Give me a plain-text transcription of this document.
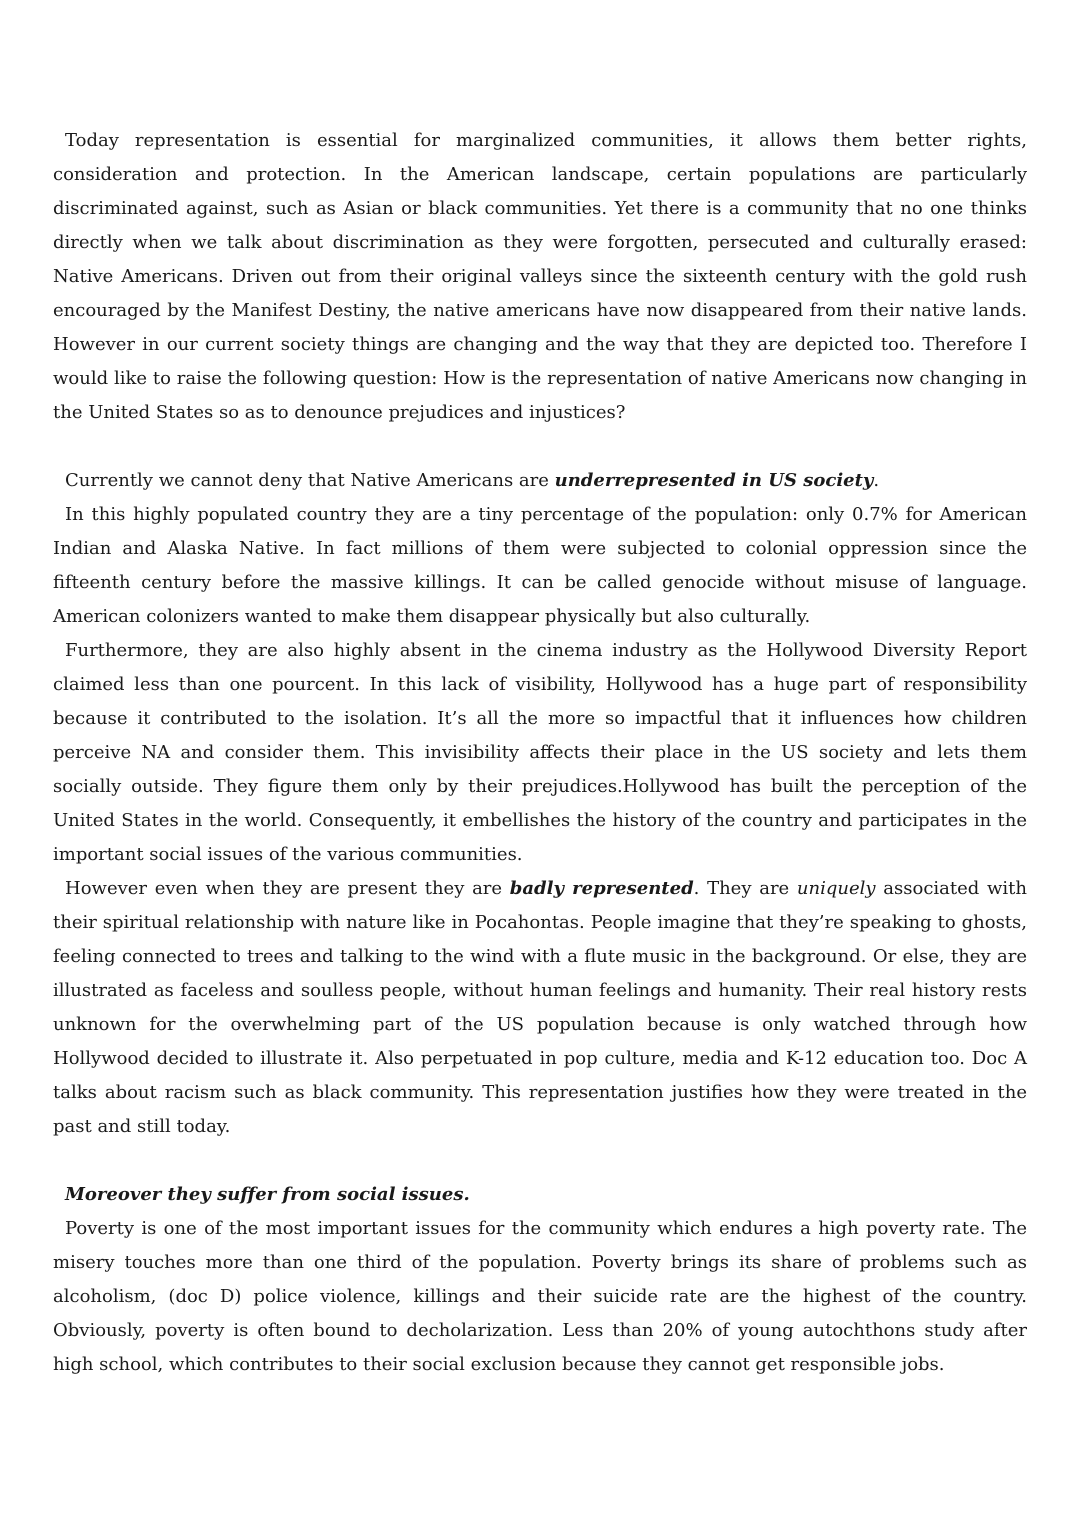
Today representation is essential for marginalized communities, it allows them better rights, consideration and protection. In the American landscape, certain populations are particularly discriminated against, such as Asian or black communities. Yet there is a community that no one thinks directly when we talk about discrimination as they were forgotten, persecuted and culturally erased: Native Americans. Driven out from their original valleys since the sixteenth century with the gold rush encouraged by the Manifest Destiny, the native americans have now disappeared from their native lands. However in our current society things are changing and the way that they are depicted too. Therefore I would like to raise the following question: How is the representation of native Americans now changing in the United States so as to denounce prejudices and injustices?

Currently we cannot deny that Native Americans are underrepresented in US society.

In this highly populated country they are a tiny percentage of the population: only 0.7% for American Indian and Alaska Native. In fact millions of them were subjected to colonial oppression since the fifteenth century before the massive killings. It can be called genocide without misuse of language. American colonizers wanted to make them disappear physically but also culturally.

Furthermore, they are also highly absent in the cinema industry as the Hollywood Diversity Report claimed less than one pourcent. In this lack of visibility, Hollywood has a huge part of responsibility because it contributed to the isolation. It’s all the more so impactful that it influences how children perceive NA and consider them. This invisibility affects their place in the US society and lets them socially outside. They figure them only by their prejudices.Hollywood has built the perception of the United States in the world. Consequently, it embellishes the history of the country and participates in the important social issues of the various communities.

However even when they are present they are badly represented. They are uniquely associated with their spiritual relationship with nature like in Pocahontas. People imagine that they’re speaking to ghosts, feeling connected to trees and talking to the wind with a flute music in the background. Or else, they are illustrated as faceless and soulless people, without human feelings and humanity. Their real history rests unknown for the overwhelming part of the US population because is only watched through how Hollywood decided to illustrate it. Also perpetuated in pop culture, media and K-12 education too. Doc A talks about racism such as black community. This representation justifies how they were treated in the past and still today.

Moreover they suffer from social issues.

Poverty is one of the most important issues for the community which endures a high poverty rate. The misery touches more than one third of the population. Poverty brings its share of problems such as alcoholism, (doc D) police violence, killings and their suicide rate are the highest of the country. Obviously, poverty is often bound to decholarization. Less than 20% of young autochthons study after high school, which contributes to their social exclusion because they cannot get responsible jobs.
